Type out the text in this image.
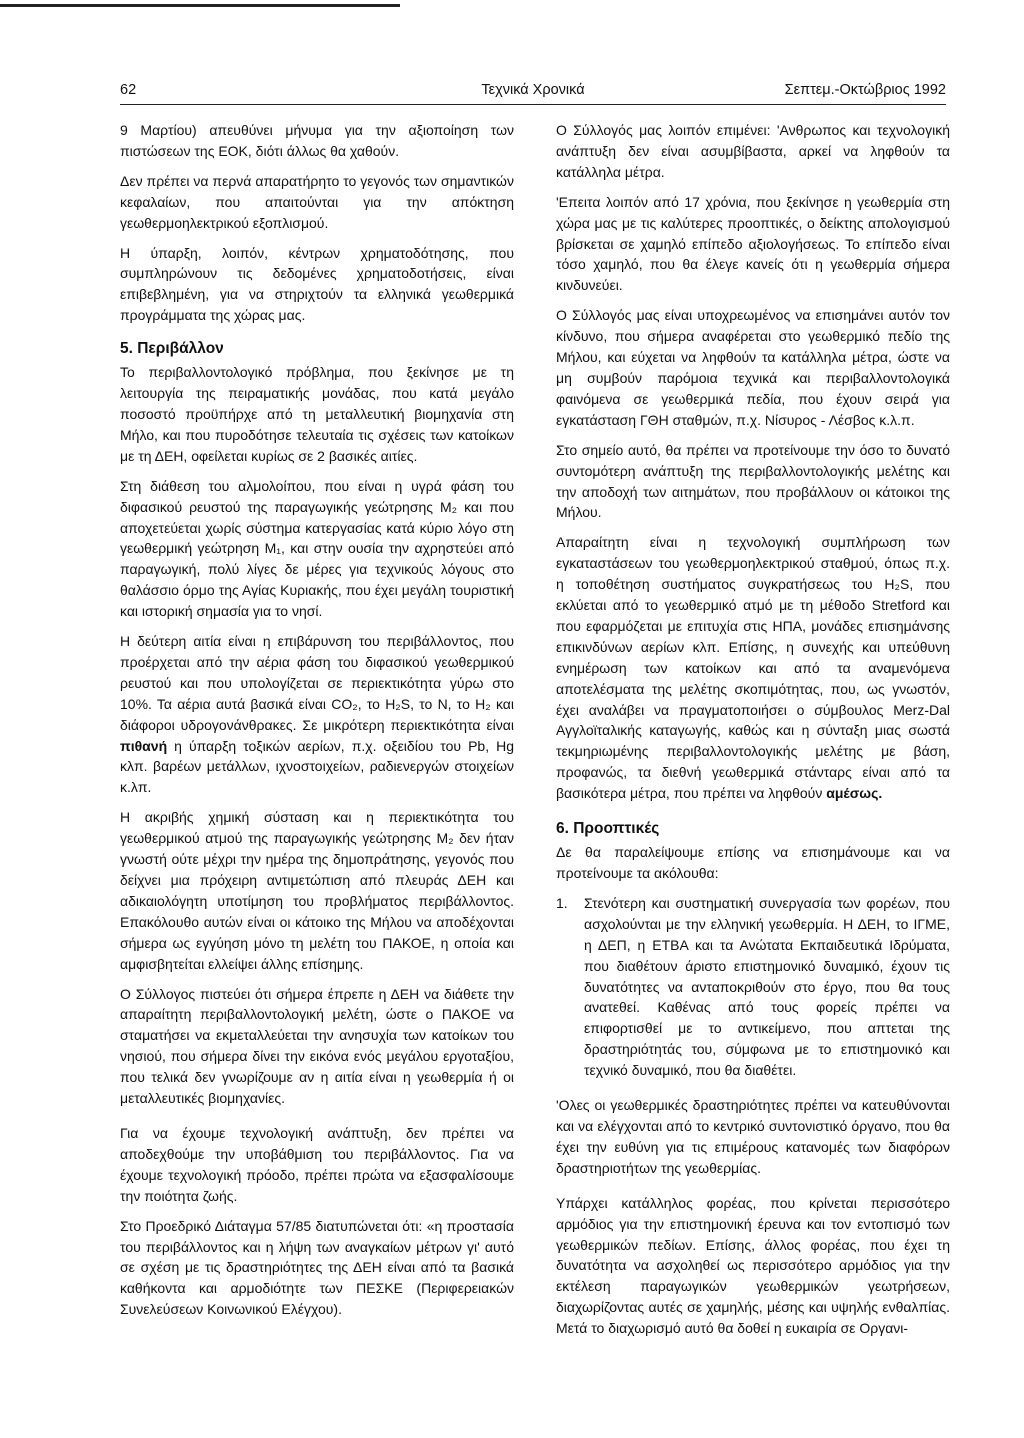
62	Τεχνικά Χρονικά	Σεπτεμ.-Οκτώβριος 1992

9 Μαρτίου) απευθύνει μήνυμα για την αξιοποίηση των πιστώσεων της ΕΟΚ, διότι άλλως θα χαθούν.

Δεν πρέπει να περνά απαρατήρητο το γεγονός των σημαντικών κεφαλαίων, που απαιτούνται για την απόκτηση γεωθερμοηλεκτρικού εξοπλισμού.

Η ύπαρξη, λοιπόν, κέντρων χρηματοδότησης, που συμπληρώνουν τις δεδομένες χρηματοδοτήσεις, είναι επιβεβλημένη, για να στηριχτούν τα ελληνικά γεωθερμικά προγράμματα της χώρας μας.

5. Περιβάλλον

Το περιβαλλοντολογικό πρόβλημα, που ξεκίνησε με τη λειτουργία της πειραματικής μονάδας, που κατά μεγάλο ποσοστό προϋπήρχε από τη μεταλλευτική βιομηχανία στη Μήλο, και που πυροδότησε τελευταία τις σχέσεις των κατοίκων με τη ΔΕΗ, οφείλεται κυρίως σε 2 βασικές αιτίες.

Στη διάθεση του αλμολοίπου, που είναι η υγρά φάση του διφασικού ρευστού της παραγωγικής γεώτρησης M₂ και που αποχετεύεται χωρίς σύστημα κατεργασίας κατά κύριο λόγο στη γεωθερμική γεώτρηση M₁, και στην ουσία την αχρηστεύει από παραγωγική, πολύ λίγες δε μέρες για τεχνικούς λόγους στο θαλάσσιο όρμο της Αγίας Κυριακής, που έχει μεγάλη τουριστική και ιστορική σημασία για το νησί.

Η δεύτερη αιτία είναι η επιβάρυνση του περιβάλλοντος, που προέρχεται από την αέρια φάση του διφασικού γεωθερμικού ρευστού και που υπολογίζεται σε περιεκτικότητα γύρω στο 10%. Τα αέρια αυτά βασικά είναι CO₂, το H₂S, το N, το H₂ και διάφοροι υδρογονάνθρακες. Σε μικρότερη περιεκτικότητα είναι πιθανή η ύπαρξη τοξικών αερίων, π.χ. οξειδίου του Pb, Hg κλπ. βαρέων μετάλλων, ιχνοστοιχείων, ραδιενεργών στοιχείων κ.λπ.

Η ακριβής χημική σύσταση και η περιεκτικότητα του γεωθερμικού ατμού της παραγωγικής γεώτρησης M₂ δεν ήταν γνωστή ούτε μέχρι την ημέρα της δημοπράτησης, γεγονός που δείχνει μια πρόχειρη αντιμετώπιση από πλευράς ΔΕΗ και αδικαιολόγητη υποτίμηση του προβλήματος περιβάλλοντος. Επακόλουθο αυτών είναι οι κάτοικο της Μήλου να αποδέχονται σήμερα ως εγγύηση μόνο τη μελέτη του ΠΑΚΟΕ, η οποία και αμφισβητείται ελλείψει άλλης επίσημης.

Ο Σύλλογος πιστεύει ότι σήμερα έπρεπε η ΔΕΗ να διάθετε την απαραίτητη περιβαλλοντολογική μελέτη, ώστε ο ΠΑΚΟΕ να σταματήσει να εκμεταλλεύεται την ανησυχία των κατοίκων του νησιού, που σήμερα δίνει την εικόνα ενός μεγάλου εργοταξίου, που τελικά δεν γνωρίζουμε αν η αιτία είναι η γεωθερμία ή οι μεταλλευτικές βιομηχανίες.

Για να έχουμε τεχνολογική ανάπτυξη, δεν πρέπει να αποδεχθούμε την υποβάθμιση του περιβάλλοντος. Για να έχουμε τεχνολογική πρόοδο, πρέπει πρώτα να εξασφαλίσουμε την ποιότητα ζωής.

Στο Προεδρικό Διάταγμα 57/85 διατυπώνεται ότι: «η προστασία του περιβάλλοντος και η λήψη των αναγκαίων μέτρων γι' αυτό σε σχέση με τις δραστηριότητες της ΔΕΗ είναι από τα βασικά καθήκοντα και αρμοδιότητε των ΠΕΣΚΕ (Περιφερειακών Συνελεύσεων Κοινωνικού Ελέγχου).

Ο Σύλλογός μας λοιπόν επιμένει: 'Ανθρωπος και τεχνολογική ανάπτυξη δεν είναι ασυμβίβαστα, αρκεί να ληφθούν τα κατάλληλα μέτρα.

'Επειτα λοιπόν από 17 χρόνια, που ξεκίνησε η γεωθερμία στη χώρα μας με τις καλύτερες προοπτικές, ο δείκτης απολογισμού βρίσκεται σε χαμηλό επίπεδο αξιολογήσεως. Το επίπεδο είναι τόσο χαμηλό, που θα έλεγε κανείς ότι η γεωθερμία σήμερα κινδυνεύει.

Ο Σύλλογός μας είναι υποχρεωμένος να επισημάνει αυτόν τον κίνδυνο, που σήμερα αναφέρεται στο γεωθερμικό πεδίο της Μήλου, και εύχεται να ληφθούν τα κατάλληλα μέτρα, ώστε να μη συμβούν παρόμοια τεχνικά και περιβαλλοντολογικά φαινόμενα σε γεωθερμικά πεδία, που έχουν σειρά για εγκατάσταση ΓΘΗ σταθμών, π.χ. Νίσυρος - Λέσβος κ.λ.π.

Στο σημείο αυτό, θα πρέπει να προτείνουμε την όσο το δυνατό συντομότερη ανάπτυξη της περιβαλλοντολογικής μελέτης και την αποδοχή των αιτημάτων, που προβάλλουν οι κάτοικοι της Μήλου.

Απαραίτητη είναι η τεχνολογική συμπλήρωση των εγκαταστάσεων του γεωθερμοηλεκτρικού σταθμού, όπως π.χ. η τοποθέτηση συστήματος συγκρατήσεως του H₂S, που εκλύεται από το γεωθερμικό ατμό με τη μέθοδο Stretford και που εφαρμόζεται με επιτυχία στις ΗΠΑ, μονάδες επισημάνσης επικινδύνων αερίων κλπ. Επίσης, η συνεχής και υπεύθυνη ενημέρωση των κατοίκων και από τα αναμενόμενα αποτελέσματα της μελέτης σκοπιμότητας, που, ως γνωστόν, έχει αναλάβει να πραγματοποιήσει ο σύμβουλος Merz-Dal Αγγλοϊταλικής καταγωγής, καθώς και η σύνταξη μιας σωστά τεκμηριωμένης περιβαλλοντολογικής μελέτης με βάση, προφανώς, τα διεθνή γεωθερμικά στάνταρς είναι από τα βασικότερα μέτρα, που πρέπει να ληφθούν αμέσως.

6. Προοπτικές

Δε θα παραλείψουμε επίσης να επισημάνουμε και να προτείνουμε τα ακόλουθα:

1. Στενότερη και συστηματική συνεργασία των φορέων, που ασχολούνται με την ελληνική γεωθερμία. Η ΔΕΗ, το ΙΓΜΕ, η ΔΕΠ, η ΕΤΒΑ και τα Ανώτατα Εκπαιδευτικά Ιδρύματα, που διαθέτουν άριστο επιστημονικό δυναμικό, έχουν τις δυνατότητες να ανταποκριθούν στο έργο, που θα τους ανατεθεί. Καθένας από τους φορείς πρέπει να επιφορτισθεί με το αντικείμενο, που απτεται της δραστηριότητάς του, σύμφωνα με το επιστημονικό και τεχνικό δυναμικό, που θα διαθέτει.

'Ολες οι γεωθερμικές δραστηριότητες πρέπει να κατευθύνονται και να ελέγχονται από το κεντρικό συντονιστικό όργανο, που θα έχει την ευθύνη για τις επιμέρους κατανομές των διαφόρων δραστηριοτήτων της γεωθερμίας.

Υπάρχει κατάλληλος φορέας, που κρίνεται περισσότερο αρμόδιος για την επιστημονική έρευνα και τον εντοπισμό των γεωθερμικών πεδίων. Επίσης, άλλος φορέας, που έχει τη δυνατότητα να ασχοληθεί ως περισσότερο αρμόδιος για την εκτέλεση παραγωγικών γεωθερμικών γεωτρήσεων, διαχωρίζοντας αυτές σε χαμηλής, μέσης και υψηλής ενθαλπίας. Μετά το διαχωρισμό αυτό θα δοθεί η ευκαιρία σε Οργανι-
